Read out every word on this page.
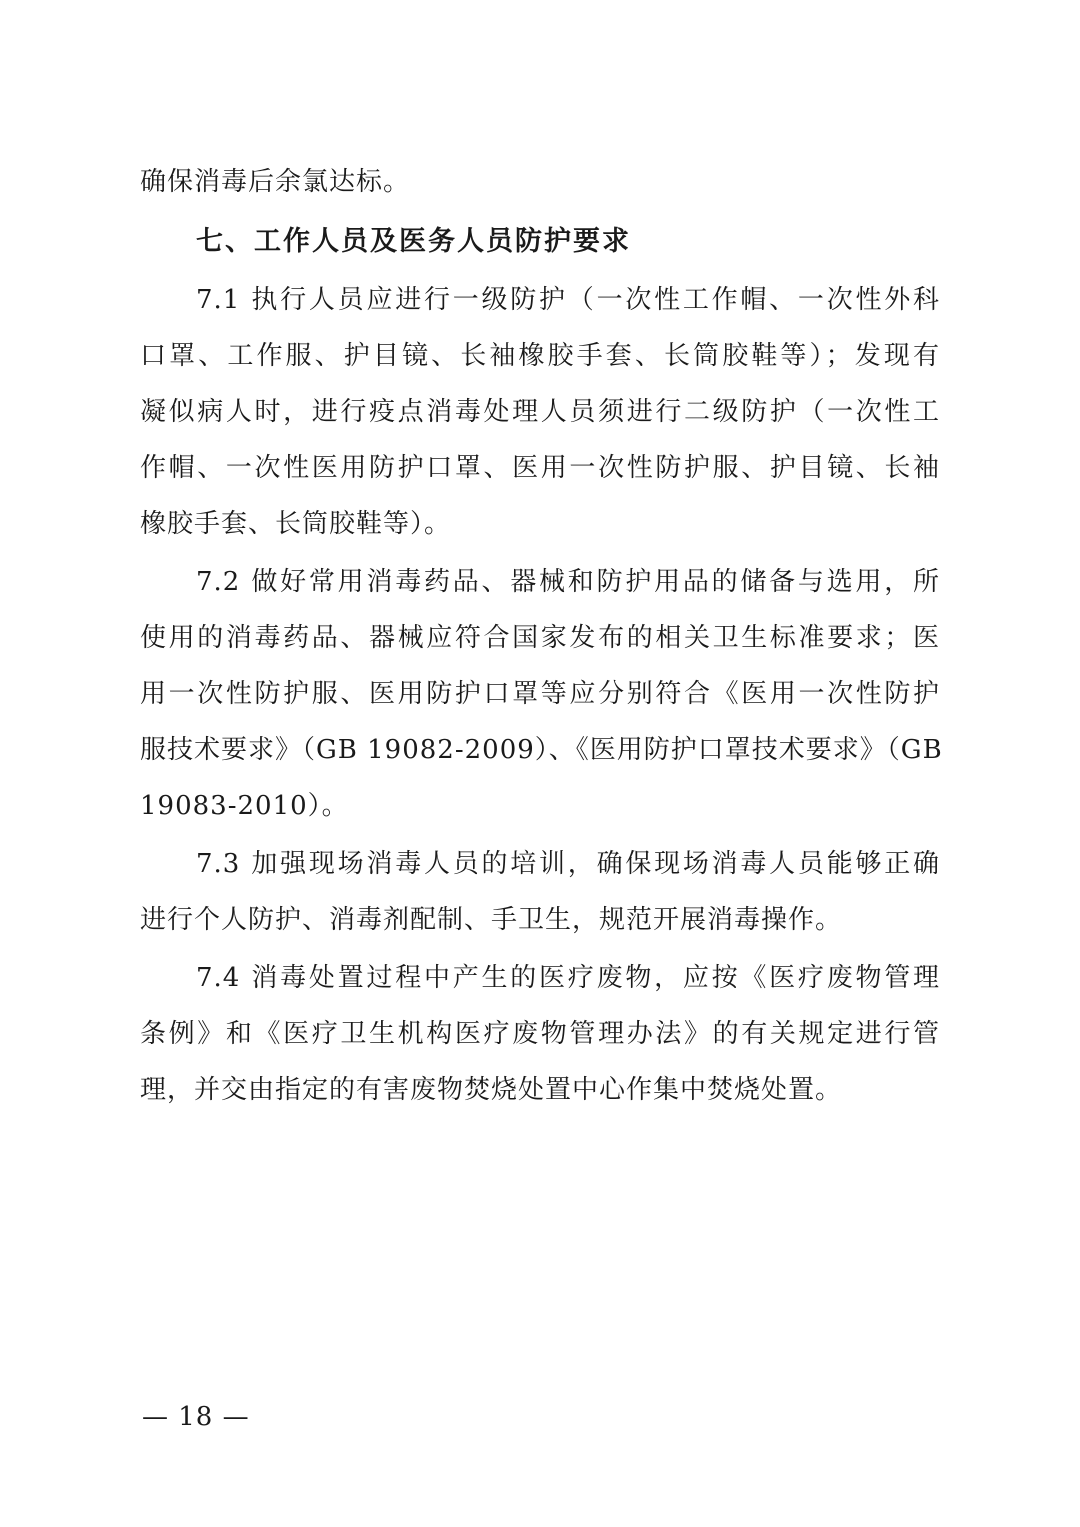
确保消毒后余氯达标。
七、工作人员及医务人员防护要求
7.1 执行人员应进行一级防护（一次性工作帽、一次性外科
口罩、工作服、护目镜、长袖橡胶手套、长筒胶鞋等）；发现有
凝似病人时，进行疫点消毒处理人员须进行二级防护（一次性工
作帽、一次性医用防护口罩、医用一次性防护服、护目镜、长袖
橡胶手套、长筒胶鞋等）。
7.2 做好常用消毒药品、器械和防护用品的储备与选用，所
使用的消毒药品、器械应符合国家发布的相关卫生标准要求；医
用一次性防护服、医用防护口罩等应分别符合《医用一次性防护
服技术要求》（GB 19082-2009）、《医用防护口罩技术要求》（GB
19083-2010）。
7.3 加强现场消毒人员的培训，确保现场消毒人员能够正确
进行个人防护、消毒剂配制、手卫生，规范开展消毒操作。
7.4 消毒处置过程中产生的医疗废物，应按《医疗废物管理
条例》和《医疗卫生机构医疗废物管理办法》的有关规定进行管
理，并交由指定的有害废物焚烧处置中心作集中焚烧处置。
— 18 —
